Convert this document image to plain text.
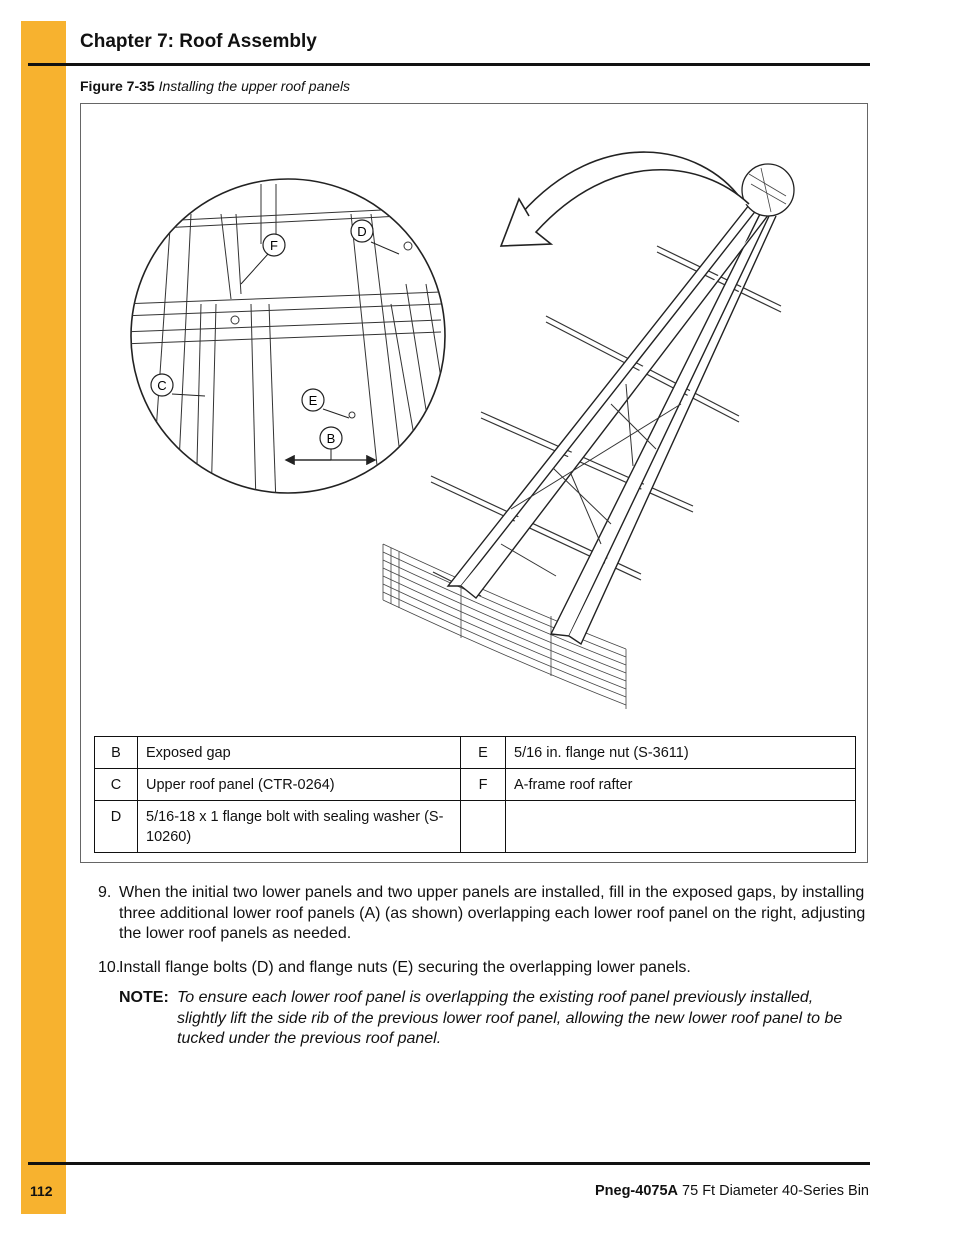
Chapter 7: Roof Assembly
Figure 7-35 Installing the upper roof panels
F
D
C
E
B
B	Exposed gap	E	5/16 in. flange nut (S-3611)
C	Upper roof panel (CTR-0264)	F	A-frame roof rafter
D	5/16-18 x 1 flange bolt with sealing washer (S-10260)		
9. When the initial two lower panels and two upper panels are installed, fill in the exposed gaps, by installing three additional lower roof panels (A) (as shown) overlapping each lower roof panel on the right, adjusting the lower roof panels as needed.
10.
Install flange bolts (D) and flange nuts (E) securing the overlapping lower panels.
NOTE: To ensure each lower roof panel is overlapping the existing roof panel previously installed, slightly lift the side rib of the previous lower roof panel, allowing the new lower roof panel to be tucked under the previous roof panel.
112	Pneg-4075A 75 Ft Diameter 40-Series Bin
